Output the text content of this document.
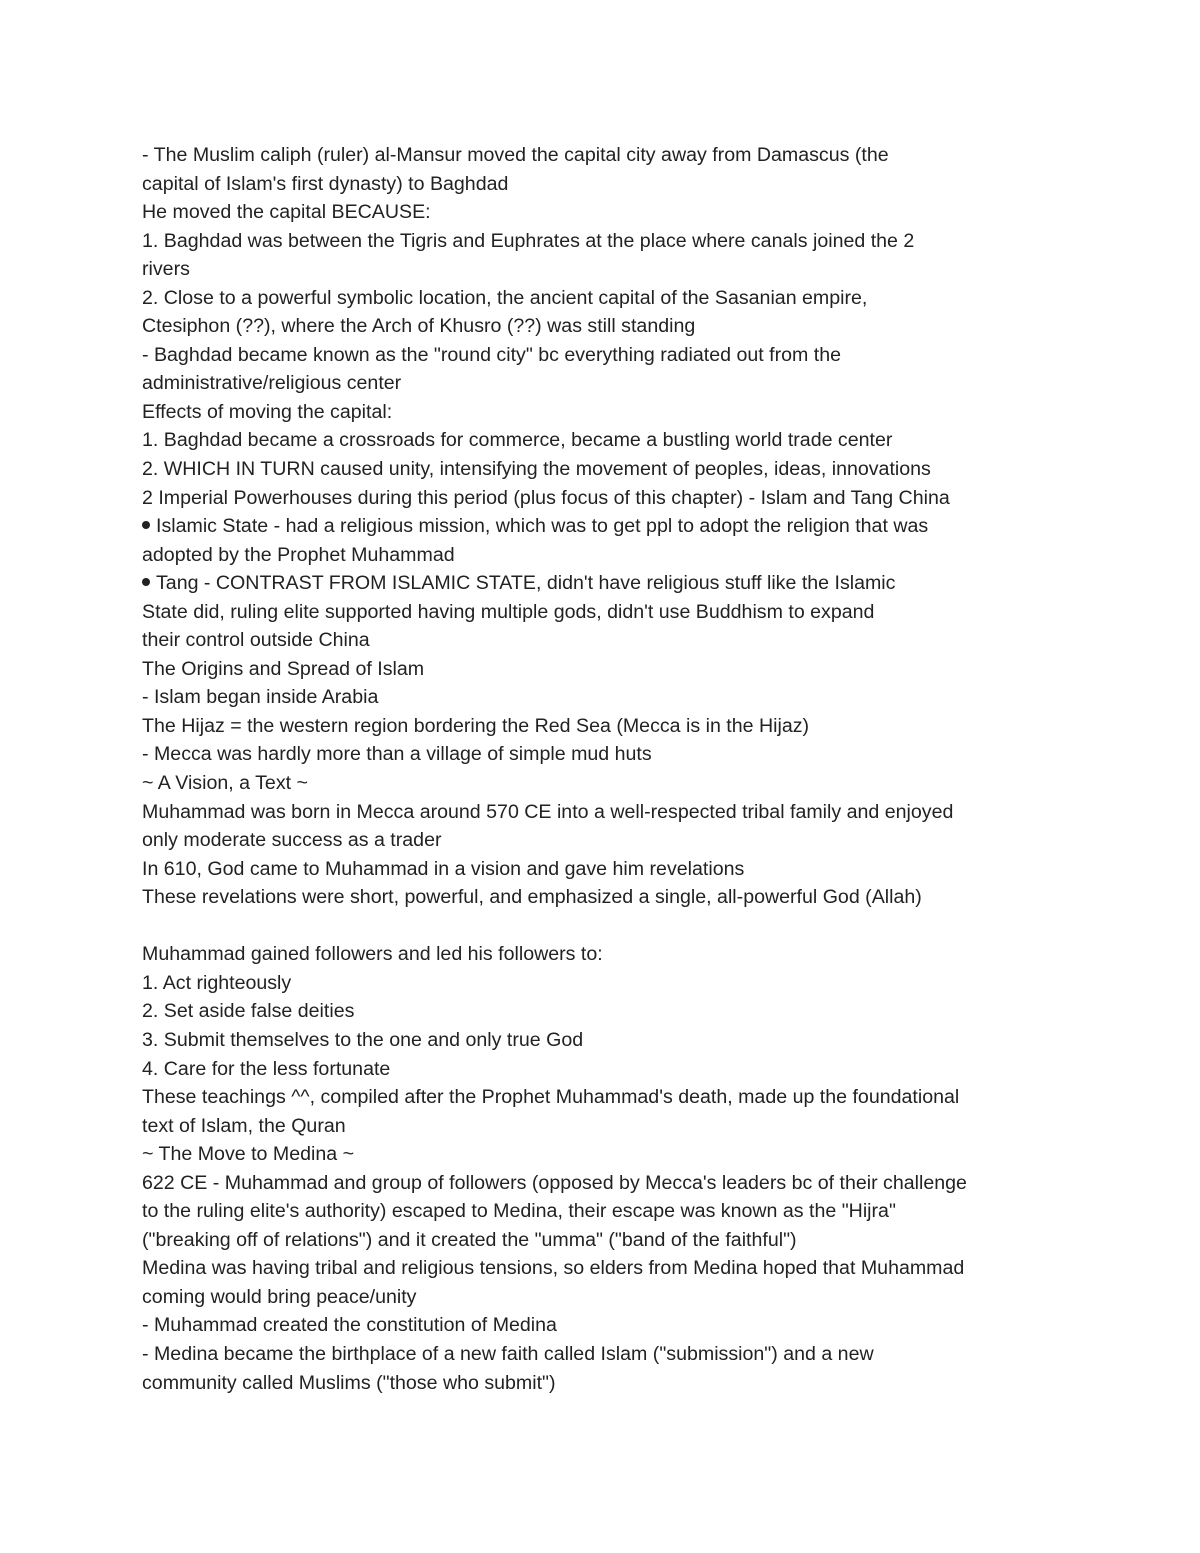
- The Muslim caliph (ruler) al-Mansur moved the capital city away from Damascus (the
capital of Islam's first dynasty) to Baghdad
He moved the capital BECAUSE:
1. Baghdad was between the Tigris and Euphrates at the place where canals joined the 2
rivers
2. Close to a powerful symbolic location, the ancient capital of the Sasanian empire,
Ctesiphon (??), where the Arch of Khusro (??) was still standing
- Baghdad became known as the "round city" bc everything radiated out from the
administrative/religious center
Effects of moving the capital:
1. Baghdad became a crossroads for commerce, became a bustling world trade center
2. WHICH IN TURN caused unity, intensifying the movement of peoples, ideas, innovations
2 Imperial Powerhouses during this period (plus focus of this chapter) - Islam and Tang China
Islamic State - had a religious mission, which was to get ppl to adopt the religion that was
adopted by the Prophet Muhammad
Tang - CONTRAST FROM ISLAMIC STATE, didn't have religious stuff like the Islamic
State did, ruling elite supported having multiple gods, didn't use Buddhism to expand
their control outside China
The Origins and Spread of Islam
- Islam began inside Arabia
The Hijaz = the western region bordering the Red Sea (Mecca is in the Hijaz)
- Mecca was hardly more than a village of simple mud huts
~ A Vision, a Text ~
Muhammad was born in Mecca around 570 CE into a well-respected tribal family and enjoyed
only moderate success as a trader
In 610, God came to Muhammad in a vision and gave him revelations
These revelations were short, powerful, and emphasized a single, all-powerful God (Allah)
Muhammad gained followers and led his followers to:
1. Act righteously
2. Set aside false deities
3. Submit themselves to the one and only true God
4. Care for the less fortunate
These teachings ^^, compiled after the Prophet Muhammad's death, made up the foundational
text of Islam, the Quran
~ The Move to Medina ~
622 CE - Muhammad and group of followers (opposed by Mecca's leaders bc of their challenge
to the ruling elite's authority) escaped to Medina, their escape was known as the "Hijra"
("breaking off of relations") and it created the "umma" ("band of the faithful")
Medina was having tribal and religious tensions, so elders from Medina hoped that Muhammad
coming would bring peace/unity
- Muhammad created the constitution of Medina
- Medina became the birthplace of a new faith called Islam ("submission") and a new
community called Muslims ("those who submit")
